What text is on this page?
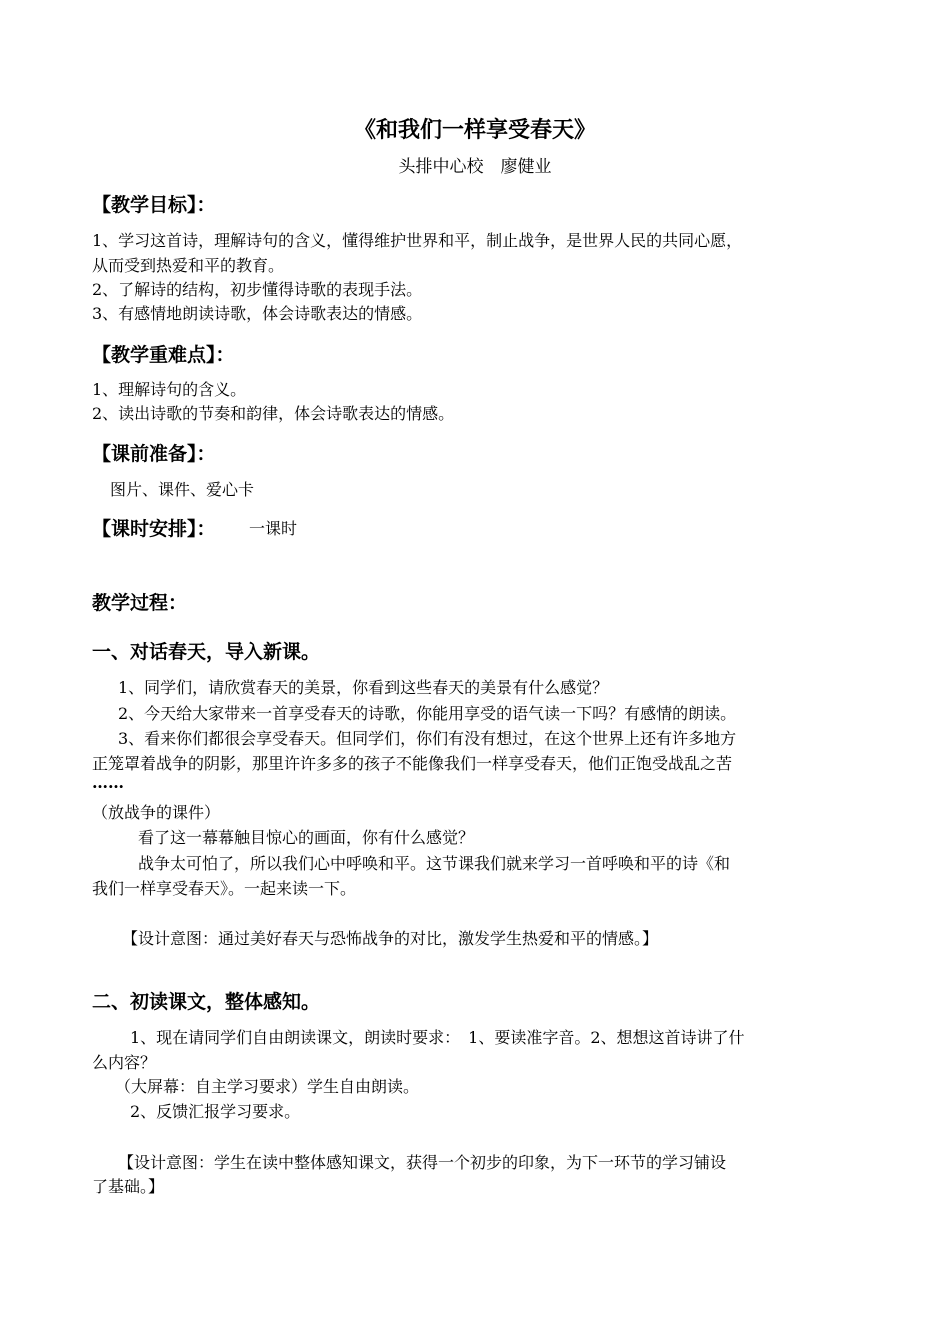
《和我们一样享受春天》
头排中心校　廖健业
【教学目标】：
1、学习这首诗，理解诗句的含义，懂得维护世界和平，制止战争，是世界人民的共同心愿，
从而受到热爱和平的教育。
2、了解诗的结构，初步懂得诗歌的表现手法。
3、有感情地朗读诗歌，体会诗歌表达的情感。
【教学重难点】：
1、理解诗句的含义。
2、读出诗歌的节奏和韵律，体会诗歌表达的情感。
【课前准备】：
图片、课件、爱心卡
【课时安排】： 一课时
教学过程：
一、对话春天，导入新课。
1、同学们，请欣赏春天的美景，你看到这些春天的美景有什么感觉？
2、今天给大家带来一首享受春天的诗歌，你能用享受的语气读一下吗？有感情的朗读。
3、看来你们都很会享受春天。但同学们，你们有没有想过，在这个世界上还有许多地方
正笼罩着战争的阴影，那里许许多多的孩子不能像我们一样享受春天，他们正饱受战乱之苦
……
（放战争的课件）
看了这一幕幕触目惊心的画面，你有什么感觉？
战争太可怕了，所以我们心中呼唤和平。这节课我们就来学习一首呼唤和平的诗《和
我们一样享受春天》。一起来读一下。
【设计意图：通过美好春天与恐怖战争的对比，激发学生热爱和平的情感。】
二、初读课文，整体感知。
1、现在请同学们自由朗读课文，朗读时要求：　1、要读准字音。2、想想这首诗讲了什
么内容？
（大屏幕：自主学习要求）学生自由朗读。
2、反馈汇报学习要求。
【设计意图：学生在读中整体感知课文，获得一个初步的印象，为下一环节的学习铺设
了基础。】
